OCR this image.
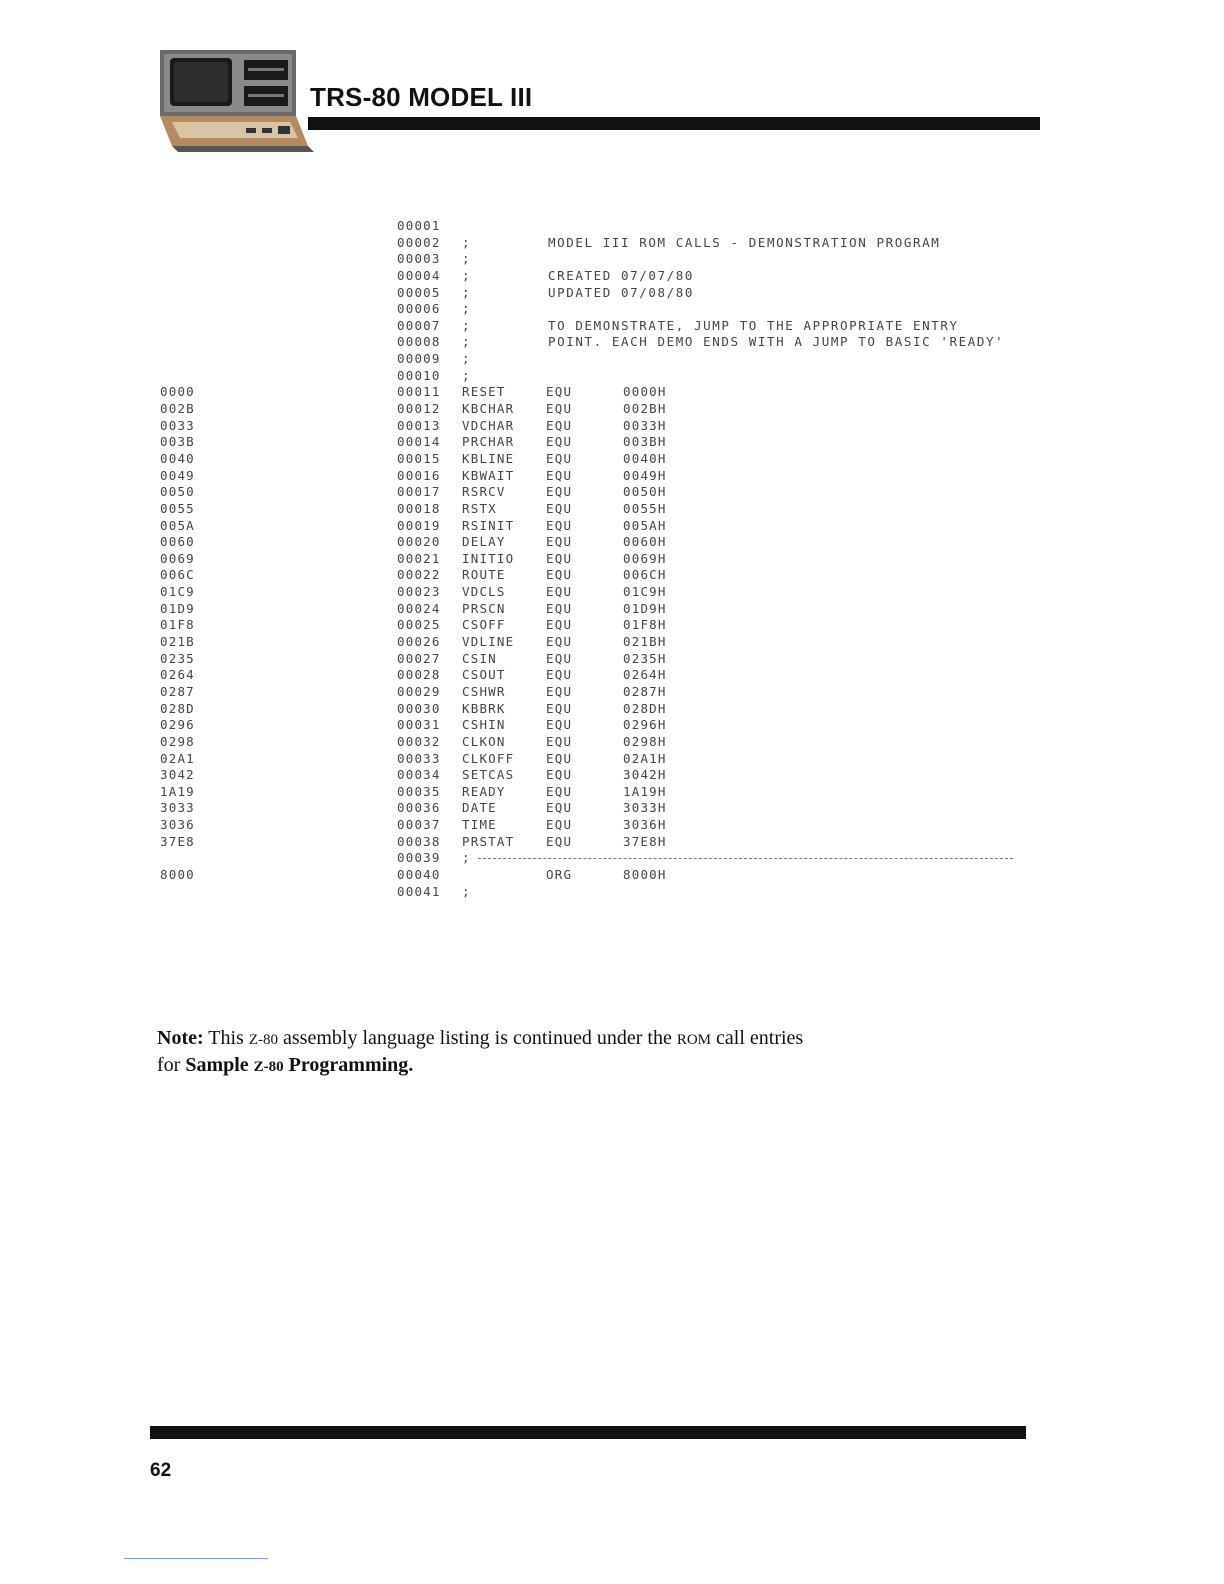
TRS-80 MODEL III
00001
00002 ;	MODEL III ROM CALLS - DEMONSTRATION PROGRAM
00003 ;
00004 ;	CREATED 07/07/80
00005 ;	UPDATED 07/08/80
00006 ;
00007 ;	TO DEMONSTRATE, JUMP TO THE APPROPRIATE ENTRY
00008 ;	POINT. EACH DEMO ENDS WITH A JUMP TO BASIC 'READY'
00009 ;
00010 ;
0000	00011 RESET	EQU	0000H
002B	00012 KBCHAR	EQU	002BH
0033	00013 VDCHAR	EQU	0033H
003B	00014 PRCHAR	EQU	003BH
0040	00015 KBLINE	EQU	0040H
0049	00016 KBWAIT	EQU	0049H
0050	00017 RSRCV	EQU	0050H
0055	00018 RSTX	EQU	0055H
005A	00019 RSINIT	EQU	005AH
0060	00020 DELAY	EQU	0060H
0069	00021 INITIO	EQU	0069H
006C	00022 ROUTE	EQU	006CH
01C9	00023 VDCLS	EQU	01C9H
01D9	00024 PRSCN	EQU	01D9H
01F8	00025 CSOFF	EQU	01F8H
021B	00026 VDLINE	EQU	021BH
0235	00027 CSIN	EQU	0235H
0264	00028 CSOUT	EQU	0264H
0287	00029 CSHWR	EQU	0287H
028D	00030 KBBRK	EQU	028DH
0296	00031 CSHIN	EQU	0296H
0298	00032 CLKON	EQU	0298H
02A1	00033 CLKOFF	EQU	02A1H
3042	00034 SETCAS	EQU	3042H
1A19	00035 READY	EQU	1A19H
3033	00036 DATE	EQU	3033H
3036	00037 TIME	EQU	3036H
37E8	00038 PRSTAT	EQU	37E8H
00039 ;
8000	00040	ORG	8000H
00041 ;
Note: This Z-80 assembly language listing is continued under the ROM call entries
for Sample Z-80 Programming.
62
